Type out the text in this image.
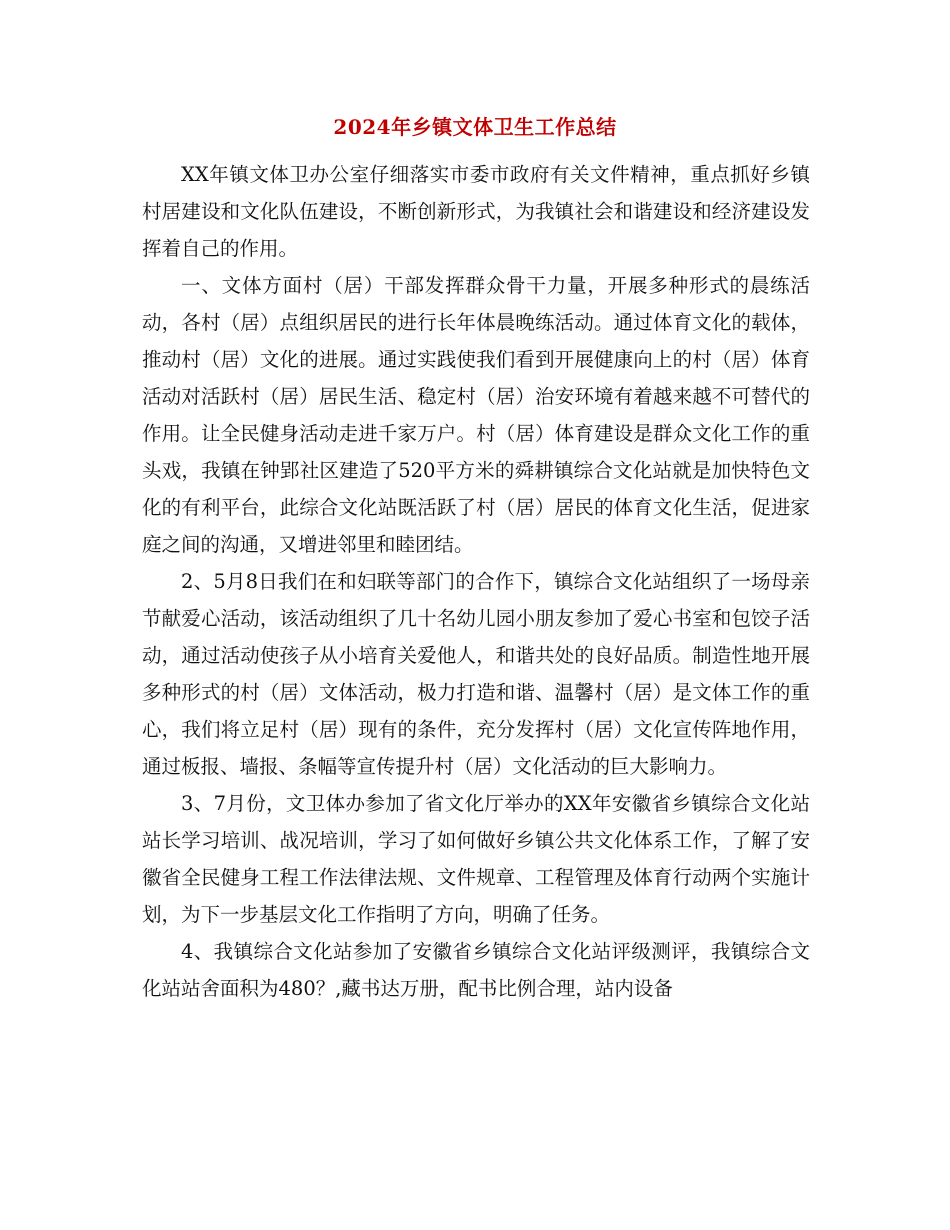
2024年乡镇文体卫生工作总结

XX年镇文体卫办公室仔细落实市委市政府有关文件精神，重点抓好乡镇村居建设和文化队伍建设，不断创新形式，为我镇社会和谐建设和经济建设发挥着自己的作用。

一、文体方面村（居）干部发挥群众骨干力量，开展多种形式的晨练活动，各村（居）点组织居民的进行长年体晨晚练活动。通过体育文化的载体，推动村（居）文化的进展。通过实践使我们看到开展健康向上的村（居）体育活动对活跃村（居）居民生活、稳定村（居）治安环境有着越来越不可替代的作用。让全民健身活动走进千家万户。村（居）体育建设是群众文化工作的重头戏，我镇在钟郢社区建造了520平方米的舜耕镇综合文化站就是加快特色文化的有利平台，此综合文化站既活跃了村（居）居民的体育文化生活，促进家庭之间的沟通，又增进邻里和睦团结。

2、5月8日我们在和妇联等部门的合作下，镇综合文化站组织了一场母亲节献爱心活动，该活动组织了几十名幼儿园小朋友参加了爱心书室和包饺子活动，通过活动使孩子从小培育关爱他人，和谐共处的良好品质。制造性地开展多种形式的村（居）文体活动，极力打造和谐、温馨村（居）是文体工作的重心，我们将立足村（居）现有的条件，充分发挥村（居）文化宣传阵地作用，通过板报、墙报、条幅等宣传提升村（居）文化活动的巨大影响力。

3、7月份，文卫体办参加了省文化厅举办的XX年安徽省乡镇综合文化站站长学习培训、战况培训，学习了如何做好乡镇公共文化体系工作，了解了安徽省全民健身工程工作法律法规、文件规章、工程管理及体育行动两个实施计划，为下一步基层文化工作指明了方向，明确了任务。

4、我镇综合文化站参加了安徽省乡镇综合文化站评级测评，我镇综合文化站站舍面积为480？,藏书达万册，配书比例合理，站内设备
